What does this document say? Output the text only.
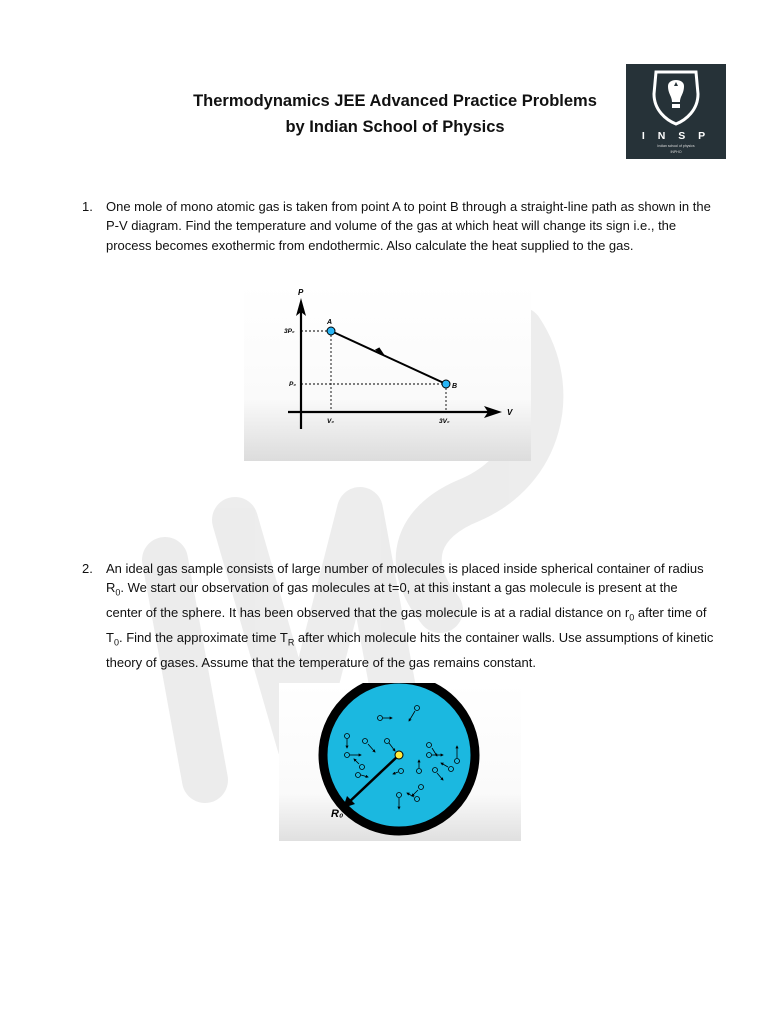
Thermodynamics JEE Advanced Practice Problems
by Indian School of Physics	I N S P
Indian school of physics
INPHO
1. One mole of mono atomic gas is taken from point A to point B through a straight-line path as shown in the P-V diagram. Find the temperature and volume of the gas at which heat will change its sign i.e., the process becomes exothermic from endothermic. Also calculate the heat supplied to the gas.
P
V
A
B
3P₀
P₀
V₀	3V₀
2. An ideal gas sample consists of large number of molecules is placed inside spherical container of radius $R_0$. We start our observation of gas molecules at t=0, at this instant a gas molecule is present at the center of the sphere. It has been observed that the gas molecule is at a radial distance on $r_0$ after time of $T_0$. Find the approximate time $T_R$ after which molecule hits the container walls. Use assumptions of kinetic theory of gases. Assume that the temperature of the gas remains constant.
R₀
